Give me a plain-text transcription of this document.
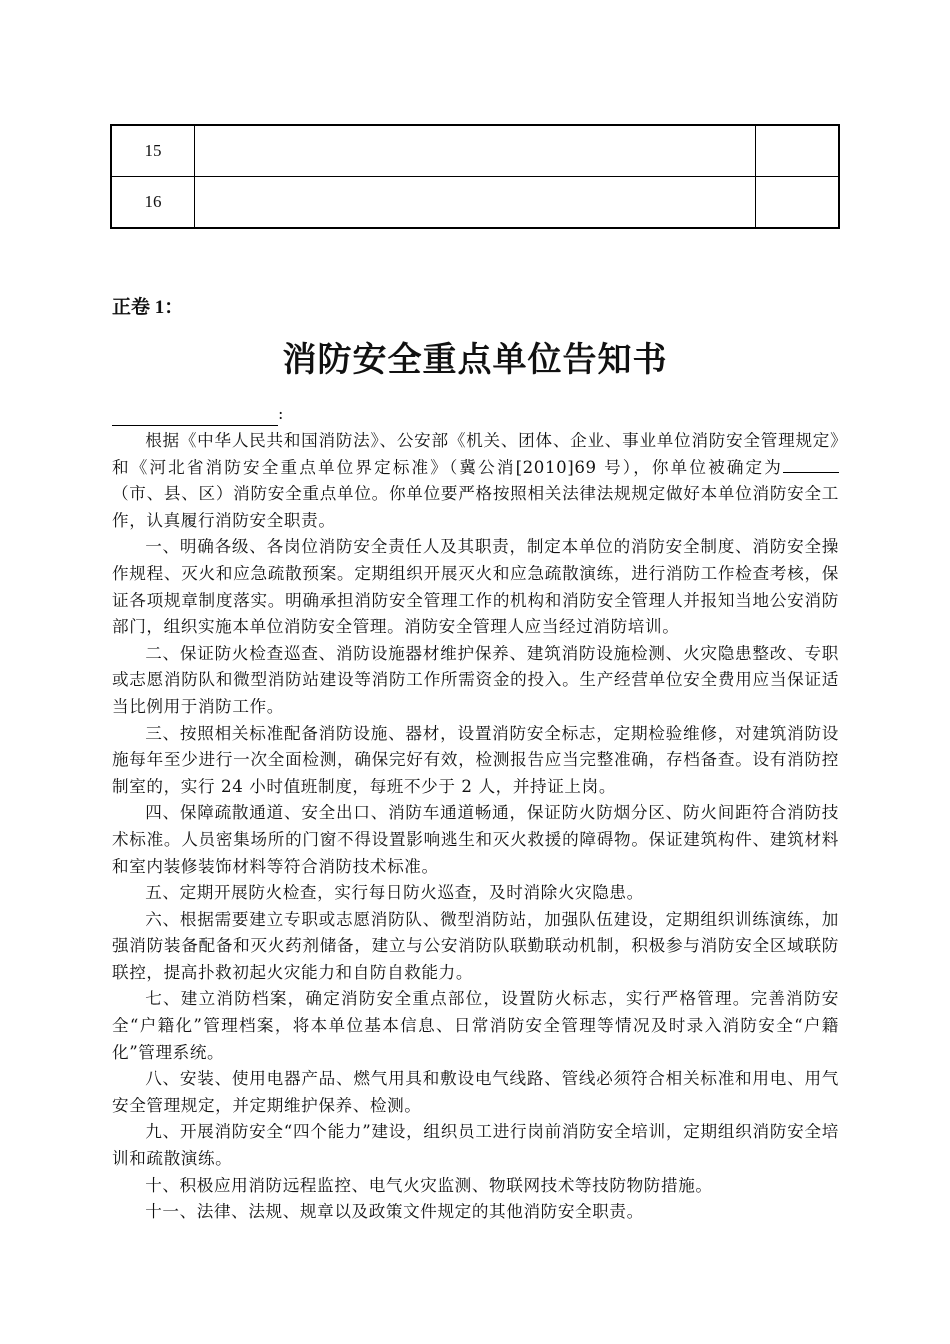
15		
16		
正卷 1：
消防安全重点单位告知书
:

根据《中华人民共和国消防法》、公安部《机关、团体、企业、事业单位消防安全管理规定》和《河北省消防安全重点单位界定标准》（冀公消[2010]69 号），你单位被确定为（市、县、区）消防安全重点单位。你单位要严格按照相关法律法规规定做好本单位消防安全工作，认真履行消防安全职责。

一、明确各级、各岗位消防安全责任人及其职责，制定本单位的消防安全制度、消防安全操作规程、灭火和应急疏散预案。定期组织开展灭火和应急疏散演练，进行消防工作检查考核，保证各项规章制度落实。明确承担消防安全管理工作的机构和消防安全管理人并报知当地公安消防部门，组织实施本单位消防安全管理。消防安全管理人应当经过消防培训。

二、保证防火检查巡查、消防设施器材维护保养、建筑消防设施检测、火灾隐患整改、专职或志愿消防队和微型消防站建设等消防工作所需资金的投入。生产经营单位安全费用应当保证适当比例用于消防工作。

三、按照相关标准配备消防设施、器材，设置消防安全标志，定期检验维修，对建筑消防设施每年至少进行一次全面检测，确保完好有效，检测报告应当完整准确，存档备查。设有消防控制室的，实行 24 小时值班制度，每班不少于 2 人，并持证上岗。

四、保障疏散通道、安全出口、消防车通道畅通，保证防火防烟分区、防火间距符合消防技术标准。人员密集场所的门窗不得设置影响逃生和灭火救援的障碍物。保证建筑构件、建筑材料和室内装修装饰材料等符合消防技术标准。

五、定期开展防火检查，实行每日防火巡查，及时消除火灾隐患。

六、根据需要建立专职或志愿消防队、微型消防站，加强队伍建设，定期组织训练演练，加强消防装备配备和灭火药剂储备，建立与公安消防队联勤联动机制，积极参与消防安全区域联防联控，提高扑救初起火灾能力和自防自救能力。

七、建立消防档案，确定消防安全重点部位，设置防火标志，实行严格管理。完善消防安全“户籍化”管理档案，将本单位基本信息、日常消防安全管理等情况及时录入消防安全“户籍化”管理系统。

八、安装、使用电器产品、燃气用具和敷设电气线路、管线必须符合相关标准和用电、用气安全管理规定，并定期维护保养、检测。

九、开展消防安全“四个能力”建设，组织员工进行岗前消防安全培训，定期组织消防安全培训和疏散演练。

十、积极应用消防远程监控、电气火灾监测、物联网技术等技防物防措施。

十一、法律、法规、规章以及政策文件规定的其他消防安全职责。
